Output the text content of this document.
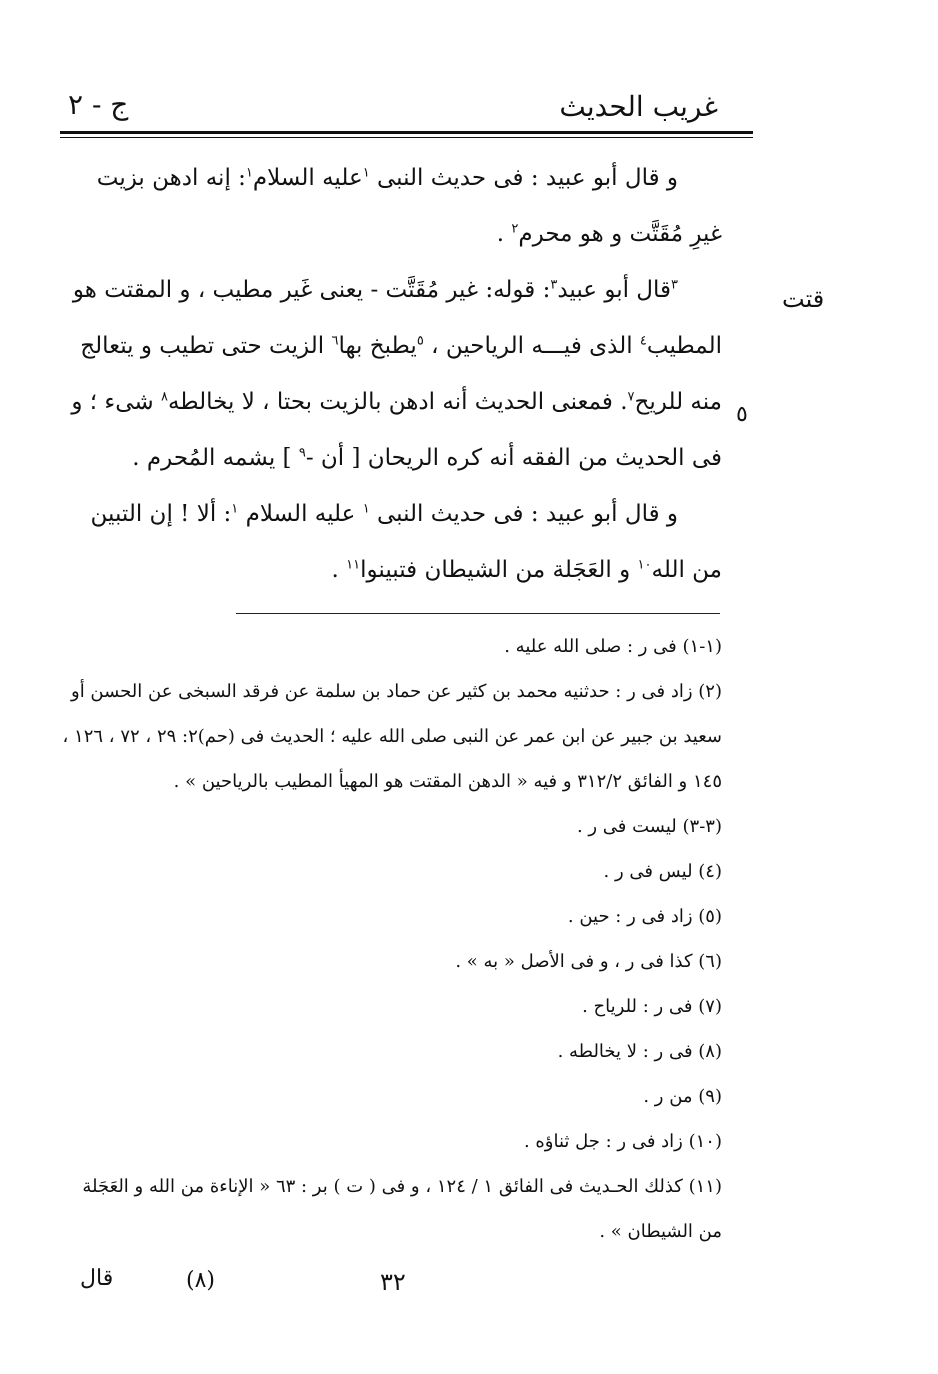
غريب الحديث
ج - ٢
قتت
٥

و قال أبو عبيد : فى حديث النبى $^١$عليه السلام$^١$: إنه ادهن بزيت غيرِ مُقَتَّت و هو محرم$^٢$ .

$^٣$قال أبو عبيد$^٣$: قوله: غير مُقَتَّت - يعنى غَير مطيب ، و المقتت هو المطيب$^٤$ الذى فيـــه الرياحين ، $^٥$يطبخ بها$^٦$ الزيت حتى تطيب و يتعالج منه للريح$^٧$. فمعنى الحديث أنه ادهن بالزيت بحتا ، لا يخالطه$^٨$ شىء ؛ و فى الحديث من الفقه أنه كره الريحان [ أن -$^٩$ ] يشمه المُحرم .

و قال أبو عبيد : فى حديث النبى $^١$ عليه السلام $^١$: ألا ! إن التبين من الله$^{١٠}$ و العَجَلة من الشيطان فتبينوا$^{١١}$ .

(١-١) فى ر : صلى الله عليه .

(٢) زاد فى ر : حدثنيه محمد بن كثير عن حماد بن سلمة عن فرقد السبخى عن الحسن أو سعيد بن جبير عن ابن عمر عن النبى صلى الله عليه ؛ الحديث فى (حم)٢: ٢٩ ، ٧٢ ، ١٢٦ ، ١٤٥ و الفائق ٣١٢/٢ و فيه « الدهن المقتت هو المهيأ المطيب بالرياحين » .

(٣-٣) ليست فى ر .

(٤) ليس فى ر .

(٥) زاد فى ر : حين .

(٦) كذا فى ر ، و فى الأصل « به » .

(٧) فى ر : للرياح .

(٨) فى ر : لا يخالطه .

(٩) من ر .

(١٠) زاد فى ر : جل ثناؤه .

(١١) كذلك الحـديث فى الفائق ١ / ١٢٤ ، و فى ( ت ) بر : ٦٣ « الإناءة من الله و العَجَلة من الشيطان » .

قال	(٨)	٣٢
